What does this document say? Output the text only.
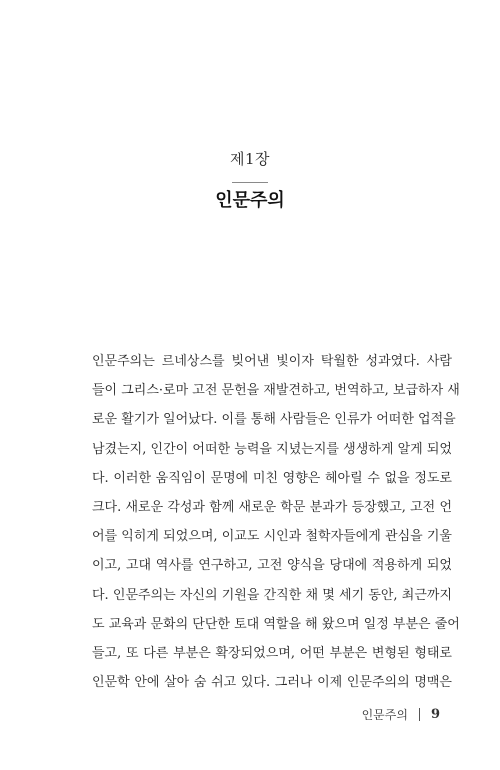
제1장
인문주의
인문주의는 르네상스를 빚어낸 빛이자 탁월한 성과였다. 사람
들이 그리스·로마 고전 문헌을 재발견하고, 번역하고, 보급하자 새
로운 활기가 일어났다. 이를 통해 사람들은 인류가 어떠한 업적을
남겼는지, 인간이 어떠한 능력을 지녔는지를 생생하게 알게 되었
다. 이러한 움직임이 문명에 미친 영향은 헤아릴 수 없을 정도로
크다. 새로운 각성과 함께 새로운 학문 분과가 등장했고, 고전 언
어를 익히게 되었으며, 이교도 시인과 철학자들에게 관심을 기울
이고, 고대 역사를 연구하고, 고전 양식을 당대에 적용하게 되었
다. 인문주의는 자신의 기원을 간직한 채 몇 세기 동안, 최근까지
도 교육과 문화의 단단한 토대 역할을 해 왔으며 일정 부분은 줄어
들고, 또 다른 부분은 확장되었으며, 어떤 부분은 변형된 형태로
인문학 안에 살아 숨 쉬고 있다. 그러나 이제 인문주의의 명맥은
인문주의 9
